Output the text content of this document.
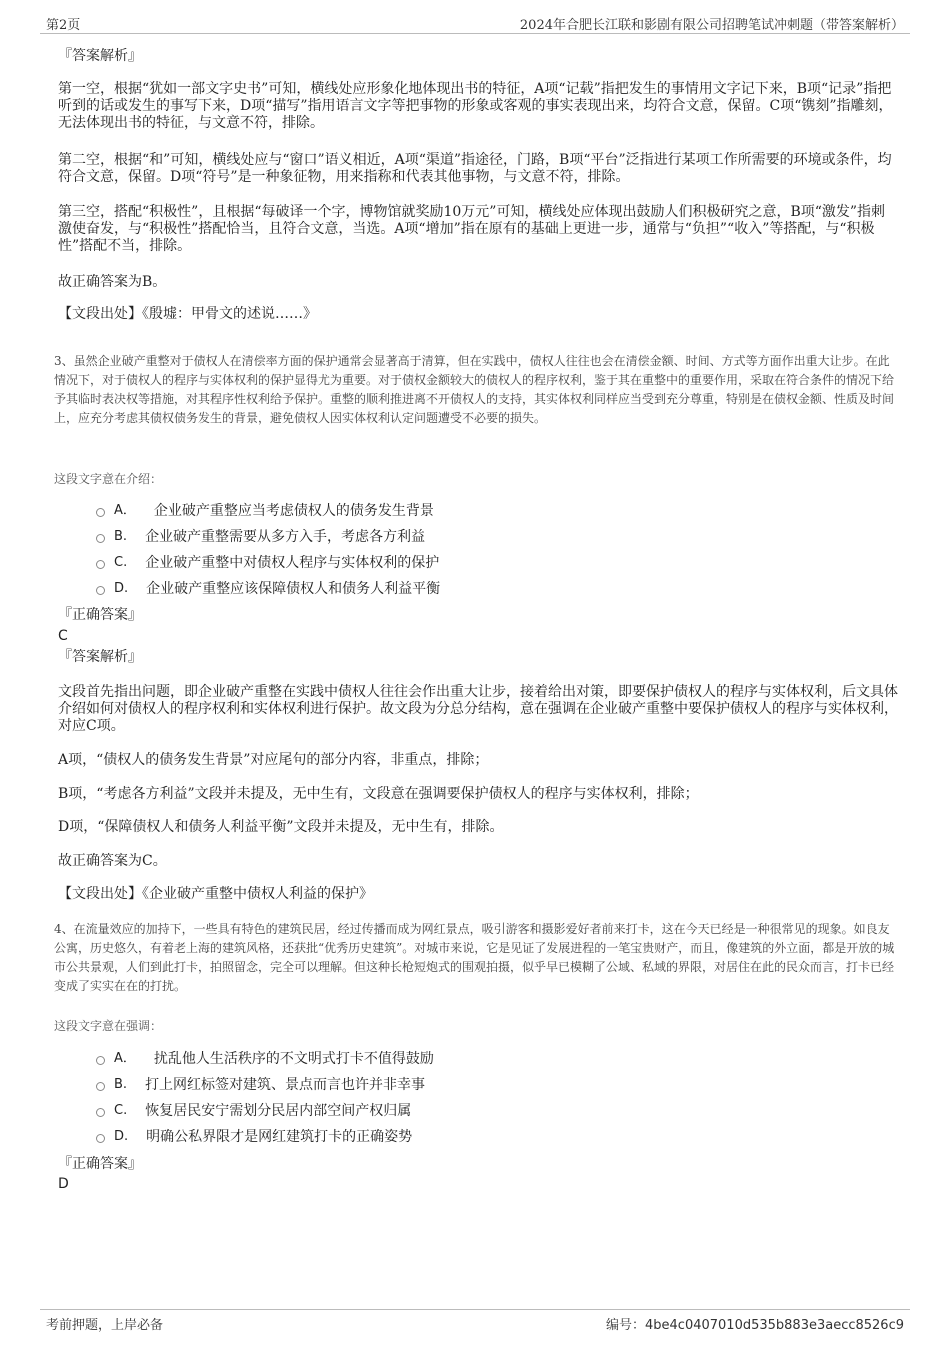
第2页	2024年合肥长江联和影剧有限公司招聘笔试冲刺题（带答案解析）
『答案解析』

第一空，根据“犹如一部文字史书”可知，横线处应形象化地体现出书的特征，A项“记载”指把发生的事情用文字记下来，B项“记录”指把听到的话或发生的事写下来，D项“描写”指用语言文字等把事物的形象或客观的事实表现出来，均符合文意，保留。C项“镌刻”指雕刻，无法体现出书的特征，与文意不符，排除。

第二空，根据“和”可知，横线处应与“窗口”语义相近，A项“渠道”指途径，门路，B项“平台”泛指进行某项工作所需要的环境或条件，均符合文意，保留。D项“符号”是一种象征物，用来指称和代表其他事物，与文意不符，排除。

第三空，搭配“积极性”，且根据“每破译一个字，博物馆就奖励10万元”可知，横线处应体现出鼓励人们积极研究之意，B项“激发”指刺激使奋发，与“积极性”搭配恰当，且符合文意，当选。A项“增加”指在原有的基础上更进一步，通常与“负担”“收入”等搭配，与“积极性”搭配不当，排除。

故正确答案为B。
【文段出处】《殷墟：甲骨文的述说……》

3、虽然企业破产重整对于债权人在清偿率方面的保护通常会显著高于清算，但在实践中，债权人往往也会在清偿金额、时间、方式等方面作出重大让步。在此情况下，对于债权人的程序与实体权利的保护显得尤为重要。对于债权金额较大的债权人的程序权利，鉴于其在重整中的重要作用，采取在符合条件的情况下给予其临时表决权等措施，对其程序性权利给予保护。重整的顺利推进离不开债权人的支持，其实体权利同样应当受到充分尊重，特别是在债权金额、性质及时间上，应充分考虑其债权债务发生的背景，避免债权人因实体权利认定问题遭受不必要的损失。

这段文字意在介绍：
A． 企业破产重整应当考虑债权人的债务发生背景
B. 企业破产重整需要从多方入手，考虑各方利益
C. 企业破产重整中对债权人程序与实体权利的保护
D. 企业破产重整应该保障债权人和债务人利益平衡
『正确答案』
C
『答案解析』

文段首先指出问题，即企业破产重整在实践中债权人往往会作出重大让步，接着给出对策，即要保护债权人的程序与实体权利，后文具体介绍如何对债权人的程序权利和实体权利进行保护。故文段为分总分结构，意在强调在企业破产重整中要保护债权人的程序与实体权利，对应C项。

A项，“债权人的债务发生背景”对应尾句的部分内容，非重点，排除；

B项，“考虑各方利益”文段并未提及，无中生有，文段意在强调要保护债权人的程序与实体权利，排除；

D项，“保障债权人和债务人利益平衡”文段并未提及，无中生有，排除。

故正确答案为C。
【文段出处】《企业破产重整中债权人利益的保护》

4、在流量效应的加持下，一些具有特色的建筑民居，经过传播而成为网红景点，吸引游客和摄影爱好者前来打卡，这在今天已经是一种很常见的现象。如良友公寓，历史悠久，有着老上海的建筑风格，还获批“优秀历史建筑”。对城市来说，它是见证了发展进程的一笔宝贵财产，而且，像建筑的外立面，都是开放的城市公共景观，人们到此打卡，拍照留念，完全可以理解。但这种长枪短炮式的围观拍摄，似乎早已模糊了公域、私域的界限，对居住在此的民众而言，打卡已经变成了实实在在的打扰。

这段文字意在强调：
A． 扰乱他人生活秩序的不文明式打卡不值得鼓励
B. 打上网红标签对建筑、景点而言也许并非幸事
C. 恢复居民安宁需划分民居内部空间产权归属
D. 明确公私界限才是网红建筑打卡的正确姿势
『正确答案』
D
考前押题，上岸必备	编号：4be4c0407010d535b883e3aecc8526c9
